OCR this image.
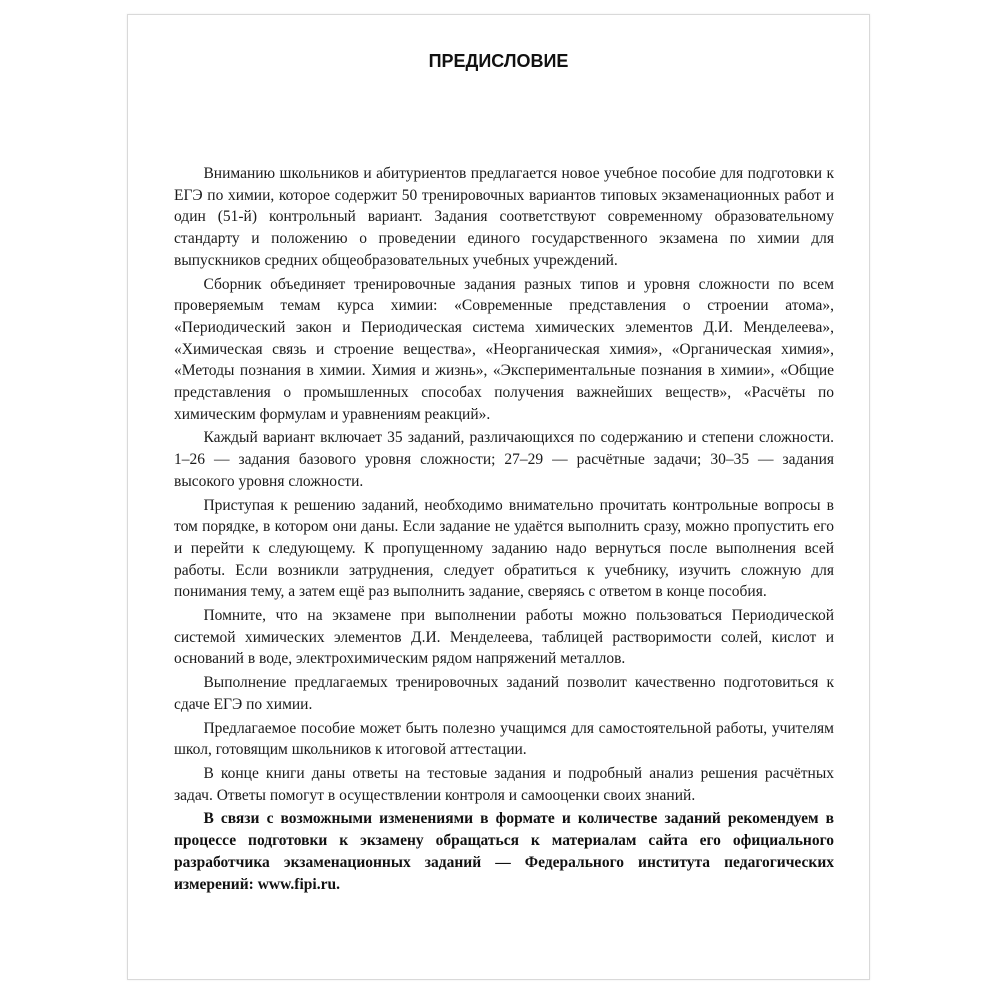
ПРЕДИСЛОВИЕ

Вниманию школьников и абитуриентов предлагается новое учебное пособие для подготовки к ЕГЭ по химии, которое содержит 50 тренировочных вариантов типовых экзаменационных работ и один (51-й) контрольный вариант. Задания соответствуют современному образовательному стандарту и положению о проведении единого государственного экзамена по химии для выпускников средних общеобразовательных учебных учреждений.

Сборник объединяет тренировочные задания разных типов и уровня сложности по всем проверяемым темам курса химии: «Современные представления о строении атома», «Периодический закон и Периодическая система химических элементов Д.И. Менделеева», «Химическая связь и строение вещества», «Неорганическая химия», «Органическая химия», «Методы познания в химии. Химия и жизнь», «Экспериментальные познания в химии», «Общие представления о промышленных способах получения важнейших веществ», «Расчёты по химическим формулам и уравнениям реакций».

Каждый вариант включает 35 заданий, различающихся по содержанию и степени сложности. 1–26 — задания базового уровня сложности; 27–29 — расчётные задачи; 30–35 — задания высокого уровня сложности.

Приступая к решению заданий, необходимо внимательно прочитать контрольные вопросы в том порядке, в котором они даны. Если задание не удаётся выполнить сразу, можно пропустить его и перейти к следующему. К пропущенному заданию надо вернуться после выполнения всей работы. Если возникли затруднения, следует обратиться к учебнику, изучить сложную для понимания тему, а затем ещё раз выполнить задание, сверяясь с ответом в конце пособия.

Помните, что на экзамене при выполнении работы можно пользоваться Периодической системой химических элементов Д.И. Менделеева, таблицей растворимости солей, кислот и оснований в воде, электрохимическим рядом напряжений металлов.

Выполнение предлагаемых тренировочных заданий позволит качественно подготовиться к сдаче ЕГЭ по химии.

Предлагаемое пособие может быть полезно учащимся для самостоятельной работы, учителям школ, готовящим школьников к итоговой аттестации.

В конце книги даны ответы на тестовые задания и подробный анализ решения расчётных задач. Ответы помогут в осуществлении контроля и самооценки своих знаний.

В связи с возможными изменениями в формате и количестве заданий рекомендуем в процессе подготовки к экзамену обращаться к материалам сайта его официального разработчика экзаменационных заданий — Федерального института педагогических измерений: www.fipi.ru.
